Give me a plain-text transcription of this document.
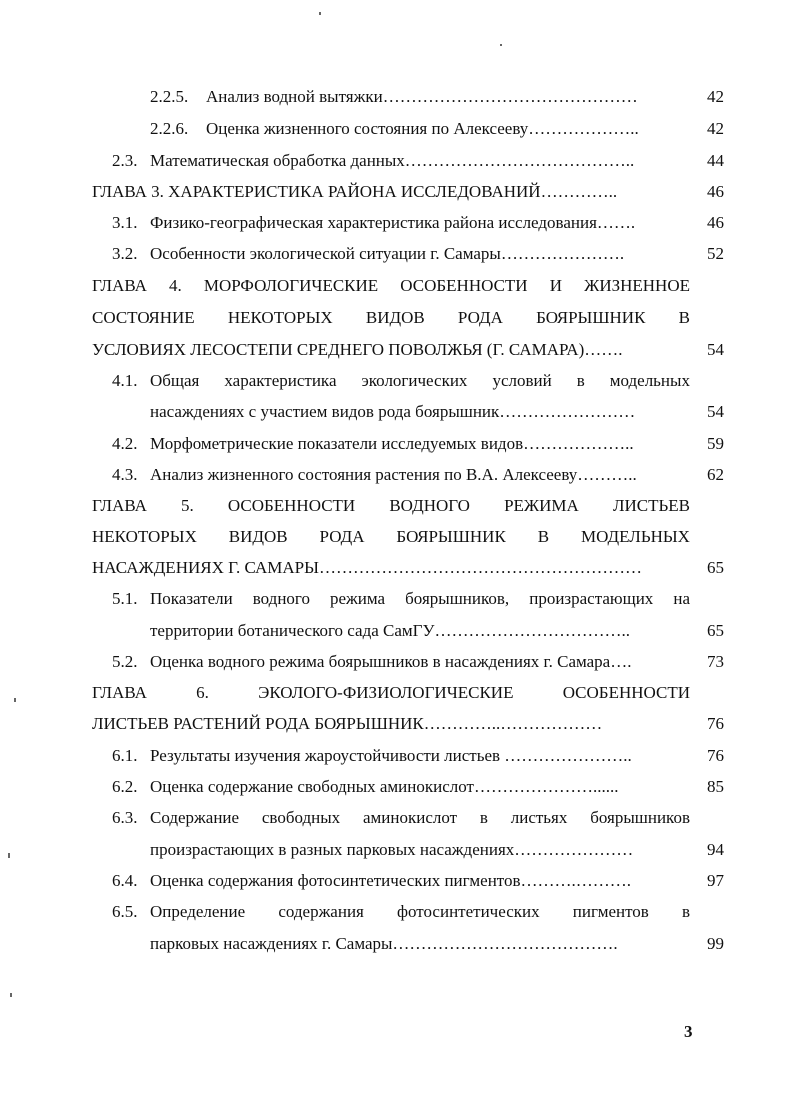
2.2.5. Анализ водной вытяжки………………………………………	42
2.2.6. Оценка жизненного состояния по Алексееву………………..	42
2.3. Математическая обработка данных…………………………………..	44
ГЛАВА 3. ХАРАКТЕРИСТИКА РАЙОНА ИССЛЕДОВАНИЙ…………..	46
3.1. Физико-географическая характеристика района исследования…….	46
3.2. Особенности экологической ситуации г. Самары………………….	52
ГЛАВА 4. МОРФОЛОГИЧЕСКИЕ ОСОБЕННОСТИ И ЖИЗНЕННОЕ
СОСТОЯНИЕ НЕКОТОРЫХ ВИДОВ РОДА БОЯРЫШНИК В
УСЛОВИЯХ ЛЕСОСТЕПИ СРЕДНЕГО ПОВОЛЖЬЯ (Г. САМАРА)…….	54
4.1. Общая характеристика экологических условий в модельных
насаждениях с участием видов рода боярышник……………………	54
4.2. Морфометрические показатели исследуемых видов………………..	59
4.3. Анализ жизненного состояния растения по В.А. Алексееву………..	62
ГЛАВА 5. ОСОБЕННОСТИ ВОДНОГО РЕЖИМА ЛИСТЬЕВ
НЕКОТОРЫХ ВИДОВ РОДА БОЯРЫШНИК В МОДЕЛЬНЫХ
НАСАЖДЕНИЯХ Г. САМАРЫ…………………………………………………	65
5.1. Показатели водного режима боярышников, произрастающих на
территории ботанического сада СамГУ……………………………..	65
5.2. Оценка водного режима боярышников в насаждениях г. Самара….	73
ГЛАВА 6. ЭКОЛОГО-ФИЗИОЛОГИЧЕСКИЕ ОСОБЕННОСТИ
ЛИСТЬЕВ РАСТЕНИЙ РОДА БОЯРЫШНИК…………..………………	76
6.1. Результаты изучения жароустойчивости листьев …………………..	76
6.2. Оценка содержание свободных аминокислот…………………......	85
6.3. Содержание свободных аминокислот в листьях боярышников
произрастающих в разных парковых насаждениях…………………	94
6.4. Оценка содержания фотосинтетических пигментов……….……….	97
6.5. Определение содержания фотосинтетических пигментов в
парковых насаждениях г. Самары………………………………….	99
3
